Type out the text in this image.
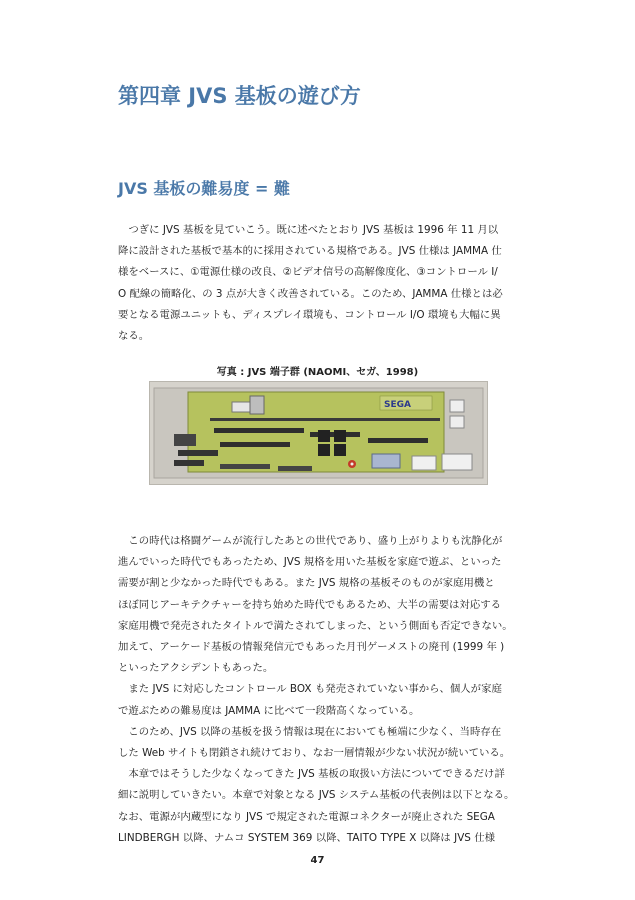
第四章 JVS 基板の遊び方
JVS 基板の難易度 = 難
　つぎに JVS 基板を見ていこう。既に述べたとおり JVS 基板は 1996 年 11 月以
降に設計された基板で基本的に採用されている規格である。JVS 仕様は JAMMA 仕
様をベースに、①電源仕様の改良、②ビデオ信号の高解像度化、③コントロール I/
O 配線の簡略化、の 3 点が大きく改善されている。このため、JAMMA 仕様とは必
要となる電源ユニットも、ディスプレイ環境も、コントロール I/O 環境も大幅に異
なる。

写真 : JVS 端子群 (NAOMI、セガ、1998)

SEGA
　この時代は格闘ゲームが流行したあとの世代であり、盛り上がりよりも沈静化が
進んでいった時代でもあったため、JVS 規格を用いた基板を家庭で遊ぶ、といった
需要が割と少なかった時代でもある。また JVS 規格の基板そのものが家庭用機と
ほぼ同じアーキテクチャーを持ち始めた時代でもあるため、大半の需要は対応する
家庭用機で発売されたタイトルで満たされてしまった、という側面も否定できない。
加えて、アーケード基板の情報発信元でもあった月刊ゲーメストの廃刊 (1999 年 )
といったアクシデントもあった。
　また JVS に対応したコントロール BOX も発売されていない事から、個人が家庭
で遊ぶための難易度は JAMMA に比べて一段階高くなっている。
　このため、JVS 以降の基板を扱う情報は現在においても極端に少なく、当時存在
した Web サイトも閉鎖され続けており、なお一層情報が少ない状況が続いている。
　本章ではそうした少なくなってきた JVS 基板の取扱い方法についてできるだけ詳
細に説明していきたい。本章で対象となる JVS システム基板の代表例は以下となる。
なお、電源が内蔵型になり JVS で規定された電源コネクターが廃止された SEGA
LINDBERGH 以降、ナムコ SYSTEM 369 以降、TAITO TYPE X 以降は JVS 仕様
47
